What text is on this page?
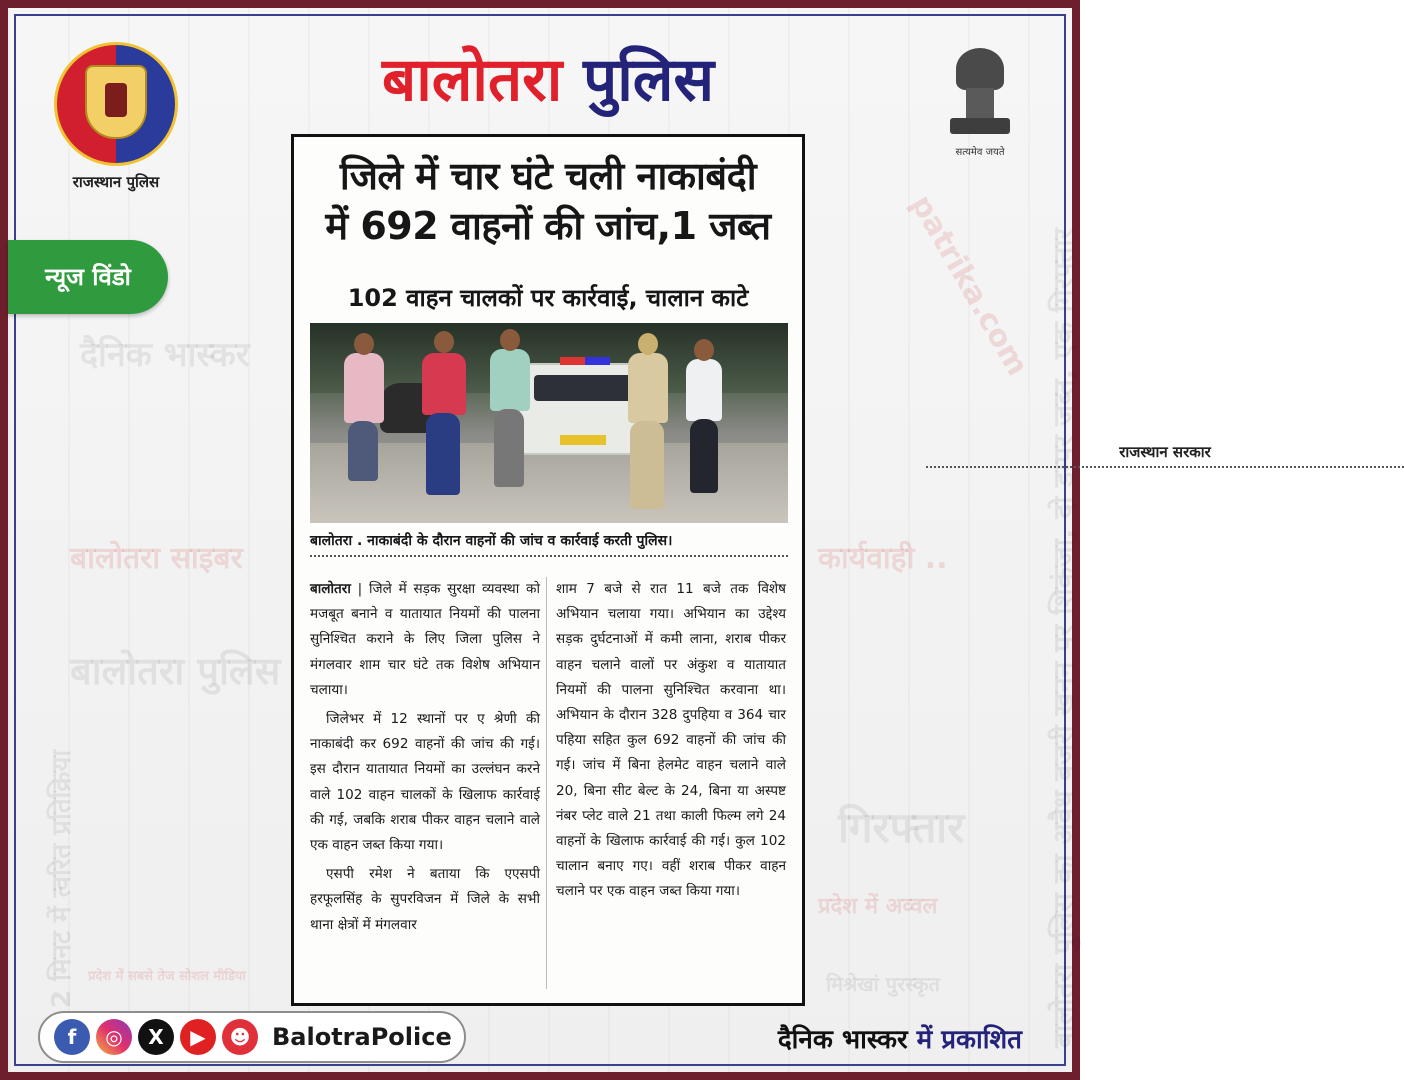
बालोतरा साइबर	कार्यवाही ..
बालोतरा पुलिस
दैनिक भास्कर
गिरफ्तार
प्रदेश में अव्वल
मिश्रेखां पुरस्कृत
प्रदेश में सबसे तेज सोशल मीडिया
patrika.com बालोतरा पुलिस का अवैध बजरी खनन पर शिकंजा, दो डम्पर जब्त, एक गिरफ्तार
2 मिनट में त्वरित प्रतिक्रिया
बालोतरा पुलिस
राजस्थान पुलिस
सत्यमेव जयते
राजस्थान सरकार
न्यूज विंडो
जिले में चार घंटे चली नाकाबंदी
में 692 वाहनों की जांच,1 जब्त
102 वाहन चालकों पर कार्रवाई, चालान काटे
बालोतरा . नाकाबंदी के दौरान वाहनों की जांच व कार्रवाई करती पुलिस।

बालोतरा | जिले में सड़क सुरक्षा व्यवस्था को मजबूत बनाने व यातायात नियमों की पालना सुनिश्चित कराने के लिए जिला पुलिस ने मंगलवार शाम चार घंटे तक विशेष अभियान चलाया।

जिलेभर में 12 स्थानों पर ए श्रेणी की नाकाबंदी कर 692 वाहनों की जांच की गई। इस दौरान यातायात नियमों का उल्लंघन करने वाले 102 वाहन चालकों के खिलाफ कार्रवाई की गई, जबकि शराब पीकर वाहन चलाने वाले एक वाहन जब्त किया गया।

एसपी रमेश ने बताया कि एएसपी हरफूलसिंह के सुपरविजन में जिले के सभी थाना क्षेत्रों में मंगलवार

शाम 7 बजे से रात 11 बजे तक विशेष अभियान चलाया गया। अभियान का उद्देश्य सड़क दुर्घटनाओं में कमी लाना, शराब पीकर वाहन चलाने वालों पर अंकुश व यातायात नियमों की पालना सुनिश्चित करवाना था। अभियान के दौरान 328 दुपहिया व 364 चार पहिया सहित कुल 692 वाहनों की जांच की गई। जांच में बिना हेलमेट वाहन चलाने वाले 20, बिना सीट बेल्ट के 24, बिना या अस्पष्ट नंबर प्लेट वाले 21 तथा काली फिल्म लगे 24 वाहनों के खिलाफ कार्रवाई की गई। कुल 102 चालान बनाए गए। वहीं शराब पीकर वाहन चलाने पर एक वाहन जब्त किया गया।

f	◎	X	▶	☻ BalotraPolice	दैनिक भास्कर में प्रकाशित
